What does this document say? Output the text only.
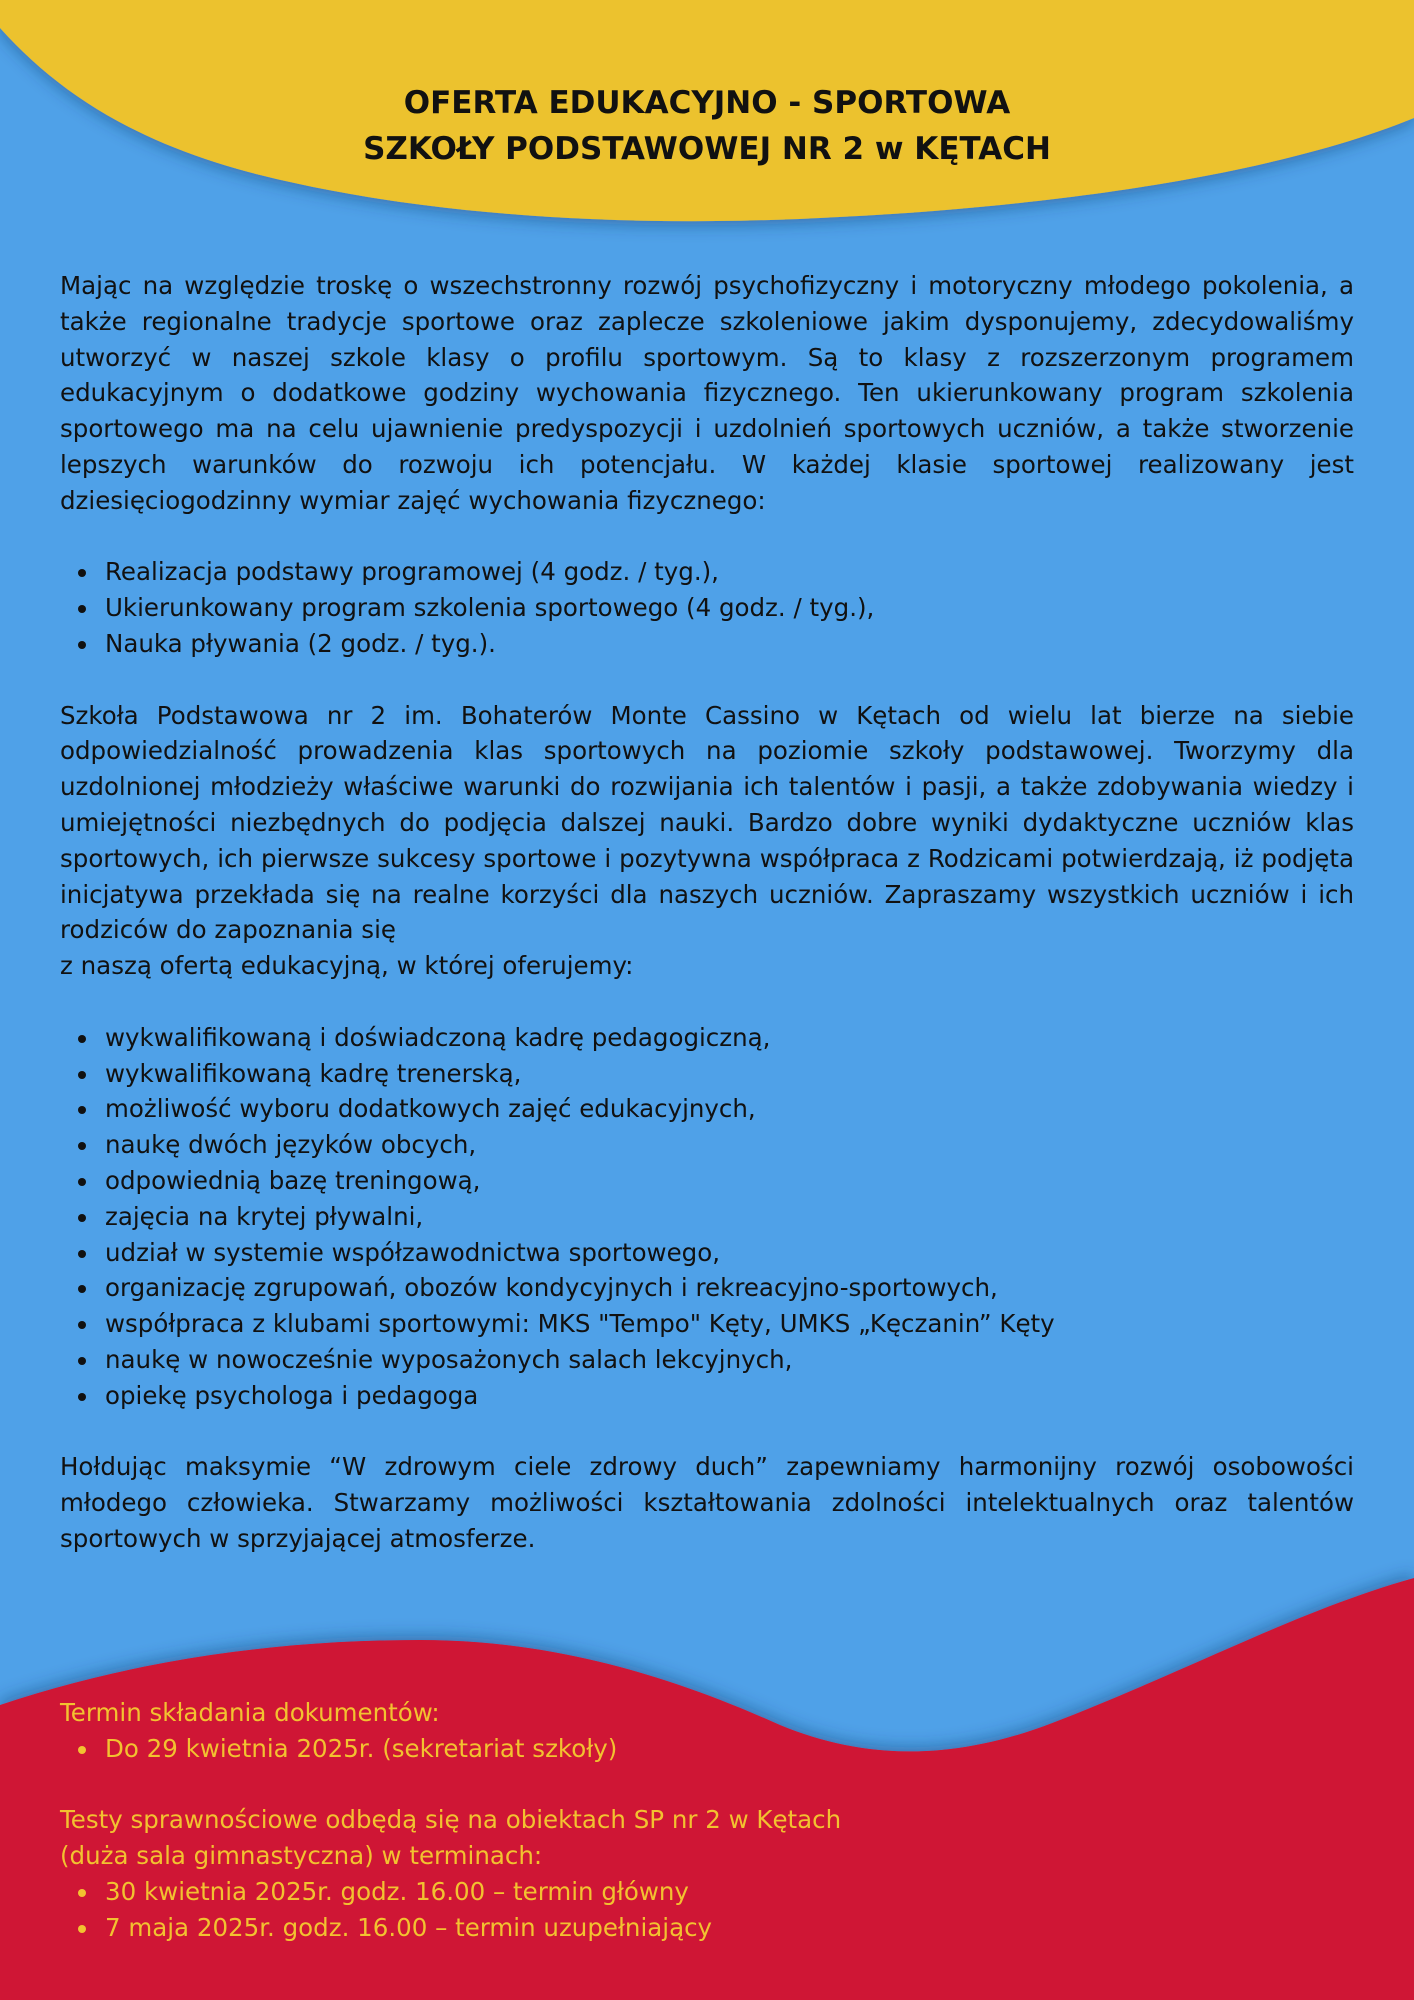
OFERTA EDUKACYJNO - SPORTOWA
SZKOŁY PODSTAWOWEJ NR 2 w KĘTACH

Mając na względzie troskę o wszechstronny rozwój psychofizyczny i motoryczny młodego pokolenia, a także regionalne tradycje sportowe oraz zaplecze szkoleniowe jakim dysponujemy, zdecydowaliśmy utworzyć w naszej szkole klasy o profilu sportowym. Są to klasy z rozszerzonym programem edukacyjnym o dodatkowe godziny wychowania fizycznego. Ten ukierunkowany program szkolenia sportowego ma na celu ujawnienie predyspozycji i uzdolnień sportowych uczniów, a także stworzenie lepszych warunków do rozwoju ich potencjału. W każdej klasie sportowej realizowany jest dziesięciogodzinny wymiar zajęć wychowania fizycznego:

Realizacja podstawy programowej (4 godz. / tyg.),
Ukierunkowany program szkolenia sportowego (4 godz. / tyg.),
Nauka pływania (2 godz. / tyg.).

Szkoła Podstawowa nr 2 im. Bohaterów Monte Cassino w Kętach od wielu lat bierze na siebie odpowiedzialność prowadzenia klas sportowych na poziomie szkoły podstawowej. Tworzymy dla uzdolnionej młodzieży właściwe warunki do rozwijania ich talentów i pasji, a także zdobywania wiedzy i umiejętności niezbędnych do podjęcia dalszej nauki. Bardzo dobre wyniki dydaktyczne uczniów klas sportowych, ich pierwsze sukcesy sportowe i pozytywna współpraca z Rodzicami potwierdzają, iż podjęta inicjatywa przekłada się na realne korzyści dla naszych uczniów. Zapraszamy wszystkich uczniów i ich rodziców do zapoznania się

z naszą ofertą edukacyjną, w której oferujemy:

wykwalifikowaną i doświadczoną kadrę pedagogiczną,
wykwalifikowaną kadrę trenerską,
możliwość wyboru dodatkowych zajęć edukacyjnych,
naukę dwóch języków obcych,
odpowiednią bazę treningową,
zajęcia na krytej pływalni,
udział w systemie współzawodnictwa sportowego,
organizację zgrupowań, obozów kondycyjnych i rekreacyjno-sportowych,
współpraca z klubami sportowymi: MKS "Tempo" Kęty, UMKS „Kęczanin” Kęty
naukę w nowocześnie wyposażonych salach lekcyjnych,
opiekę psychologa i pedagoga

Hołdując maksymie “W zdrowym ciele zdrowy duch” zapewniamy harmonijny rozwój osobowości młodego człowieka. Stwarzamy możliwości kształtowania zdolności intelektualnych oraz talentów sportowych w sprzyjającej atmosferze.

Termin składania dokumentów:

Do 29 kwietnia 2025r. (sekretariat szkoły)

Testy sprawnościowe odbędą się na obiektach SP nr 2 w Kętach

(duża sala gimnastyczna) w terminach:

30 kwietnia 2025r. godz. 16.00 – termin główny
7 maja 2025r. godz. 16.00 – termin uzupełniający
